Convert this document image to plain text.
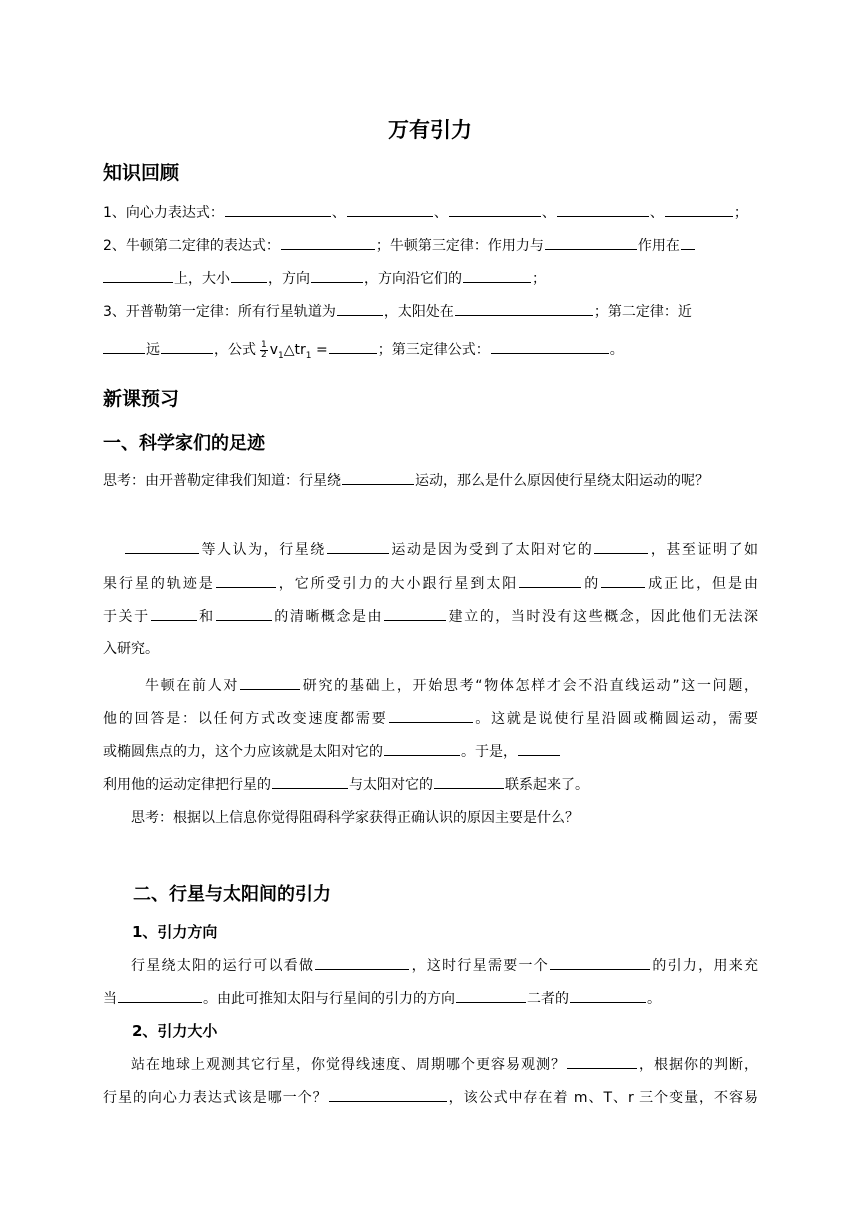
万有引力
知识回顾
1、向心力表达式：	、	、	、	、	；
2、牛顿第二定律的表达式：	；牛顿第三定律：作用力与	作用在
上，大小	，方向	，方向沿它们的	；
3、开普勒第一定律：所有行星轨道为	，太阳处在	；第二定律：近
远	，公式 $\frac{1}{2}$ $v_1\triangle tr_1$ =	；第三定律公式：	。
新课预习
一、科学家们的足迹
思考：由开普勒定律我们知道：行星绕	运动，那么是什么原因使行星绕太阳运动的呢？
等人认为，行星绕	运动是因为受到了太阳对它的	，甚至证明了如
果行星的轨迹是	，它所受引力的大小跟行星到太阳	的	成正比，但是由
于关于	和	的清晰概念是由	建立的，当时没有这些概念，因此他们无法深
入研究。
牛顿在前人对	研究的基础上，开始思考“物体怎样才会不沿直线运动”这一问题，
他的回答是：以任何方式改变速度都需要	。这就是说使行星沿圆或椭圆运动，需要
或椭圆焦点的力，这个力应该就是太阳对它的	。于是，
利用他的运动定律把行星的	与太阳对它的	联系起来了。
思考：根据以上信息你觉得阻碍科学家获得正确认识的原因主要是什么？
二、行星与太阳间的引力
1、引力方向
行星绕太阳的运行可以看做	，这时行星需要一个	的引力，用来充
当	。由此可推知太阳与行星间的引力的方向	二者的	。
2、引力大小
站在地球上观测其它行星，你觉得线速度、周期哪个更容易观测？	，根据你的判断，
行星的向心力表达式该是哪一个？	，该公式中存在着 m、T、r 三个变量，不容易
